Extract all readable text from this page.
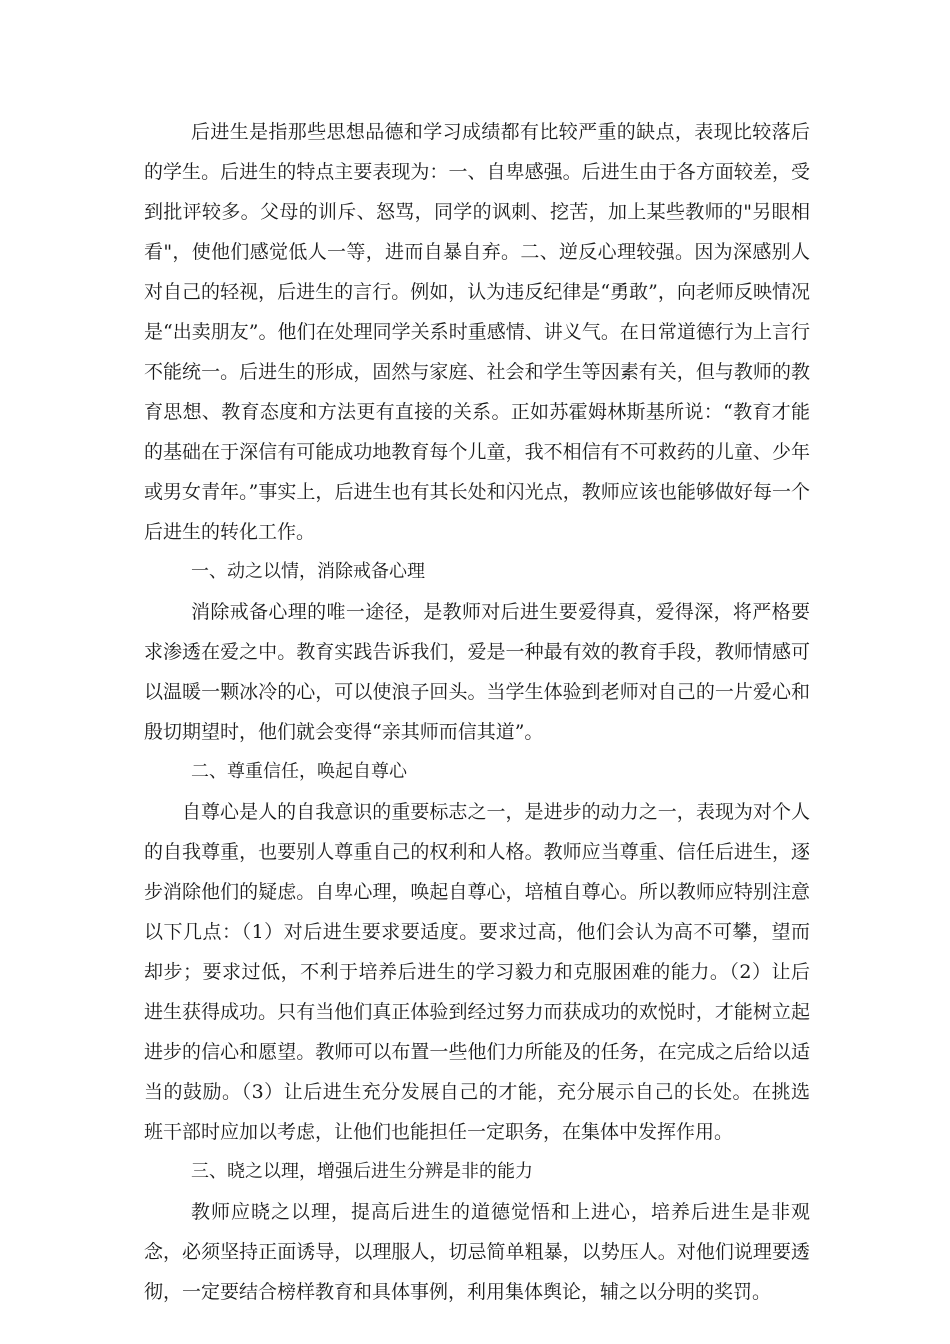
后进生是指那些思想品德和学习成绩都有比较严重的缺点，表现比较落后的学生。后进生的特点主要表现为：一、自卑感强。后进生由于各方面较差，受到批评较多。父母的训斥、怒骂，同学的讽刺、挖苦，加上某些教师的"另眼相看"，使他们感觉低人一等，进而自暴自弃。二、逆反心理较强。因为深感别人对自己的轻视，后进生的言行。例如，认为违反纪律是“勇敢”，向老师反映情况是“出卖朋友”。他们在处理同学关系时重感情、讲义气。在日常道德行为上言行不能统一。后进生的形成，固然与家庭、社会和学生等因素有关，但与教师的教育思想、教育态度和方法更有直接的关系。正如苏霍姆林斯基所说：“教育才能的基础在于深信有可能成功地教育每个儿童，我不相信有不可救药的儿童、少年或男女青年。”事实上，后进生也有其长处和闪光点，教师应该也能够做好每一个后进生的转化工作。

一、动之以情，消除戒备心理

消除戒备心理的唯一途径，是教师对后进生要爱得真，爱得深，将严格要求渗透在爱之中。教育实践告诉我们，爱是一种最有效的教育手段，教师情感可以温暖一颗冰冷的心，可以使浪子回头。当学生体验到老师对自己的一片爱心和殷切期望时，他们就会变得“亲其师而信其道”。

二、尊重信任，唤起自尊心

自尊心是人的自我意识的重要标志之一，是进步的动力之一，表现为对个人的自我尊重，也要别人尊重自己的权利和人格。教师应当尊重、信任后进生，逐步消除他们的疑虑。自卑心理，唤起自尊心，培植自尊心。所以教师应特别注意以下几点：（1）对后进生要求要适度。要求过高，他们会认为高不可攀，望而却步；要求过低，不利于培养后进生的学习毅力和克服困难的能力。（2）让后进生获得成功。只有当他们真正体验到经过努力而获成功的欢悦时，才能树立起进步的信心和愿望。教师可以布置一些他们力所能及的任务，在完成之后给以适当的鼓励。（3）让后进生充分发展自己的才能，充分展示自己的长处。在挑选班干部时应加以考虑，让他们也能担任一定职务，在集体中发挥作用。

三、晓之以理，增强后进生分辨是非的能力

教师应晓之以理，提高后进生的道德觉悟和上进心，培养后进生是非观念，必须坚持正面诱导，以理服人，切忌简单粗暴，以势压人。对他们说理要透彻，一定要结合榜样教育和具体事例，利用集体舆论，辅之以分明的奖罚。
